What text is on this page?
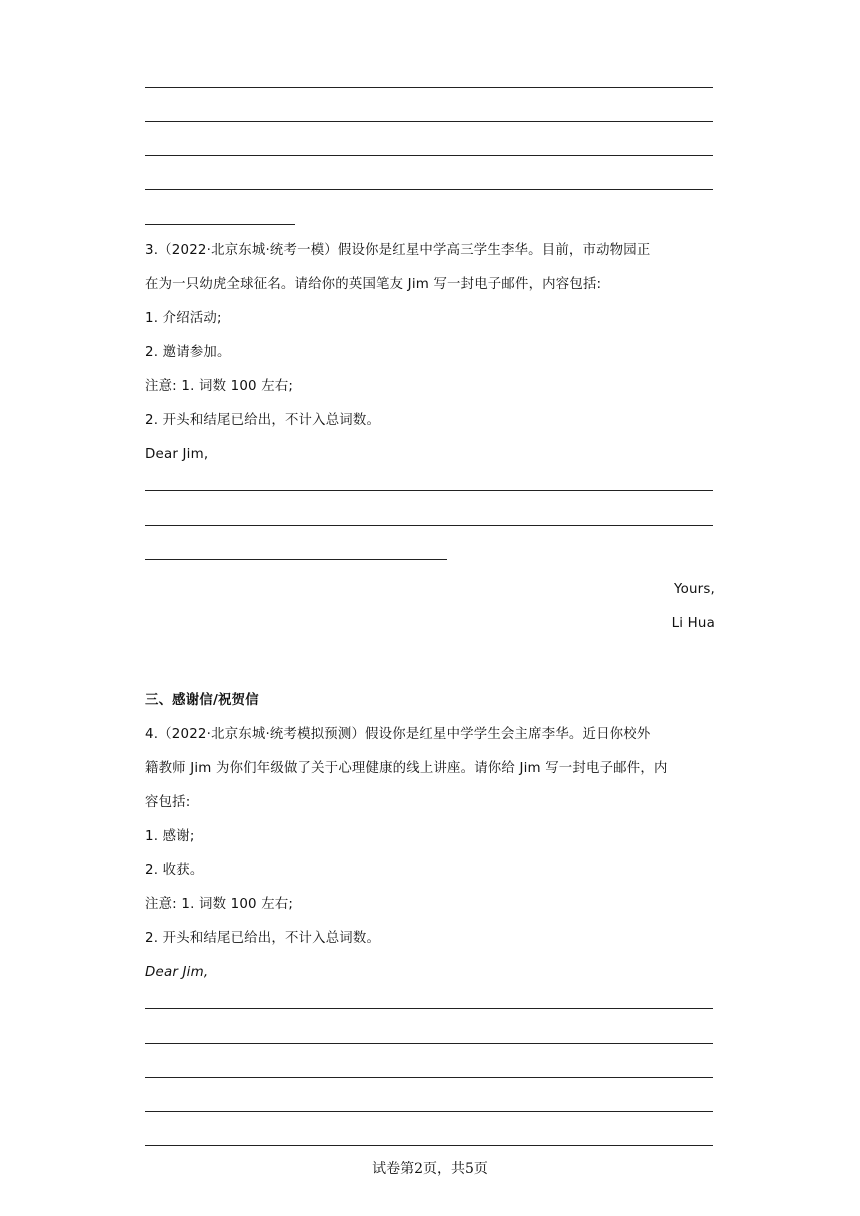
3.（2022·北京东城·统考一模）假设你是红星中学高三学生李华。目前，市动物园正
在为一只幼虎全球征名。请给你的英国笔友 Jim 写一封电子邮件，内容包括:
1. 介绍活动;
2. 邀请参加。
注意: 1. 词数 100 左右;
2. 开头和结尾已给出，不计入总词数。
Dear Jim,
Yours,
Li Hua
三、感谢信/祝贺信
4.（2022·北京东城·统考模拟预测）假设你是红星中学学生会主席李华。近日你校外
籍教师 Jim 为你们年级做了关于心理健康的线上讲座。请你给 Jim 写一封电子邮件，内
容包括:
1. 感谢;
2. 收获。
注意: 1. 词数 100 左右;
2. 开头和结尾已给出，不计入总词数。
Dear Jim,
试卷第2页，共5页
